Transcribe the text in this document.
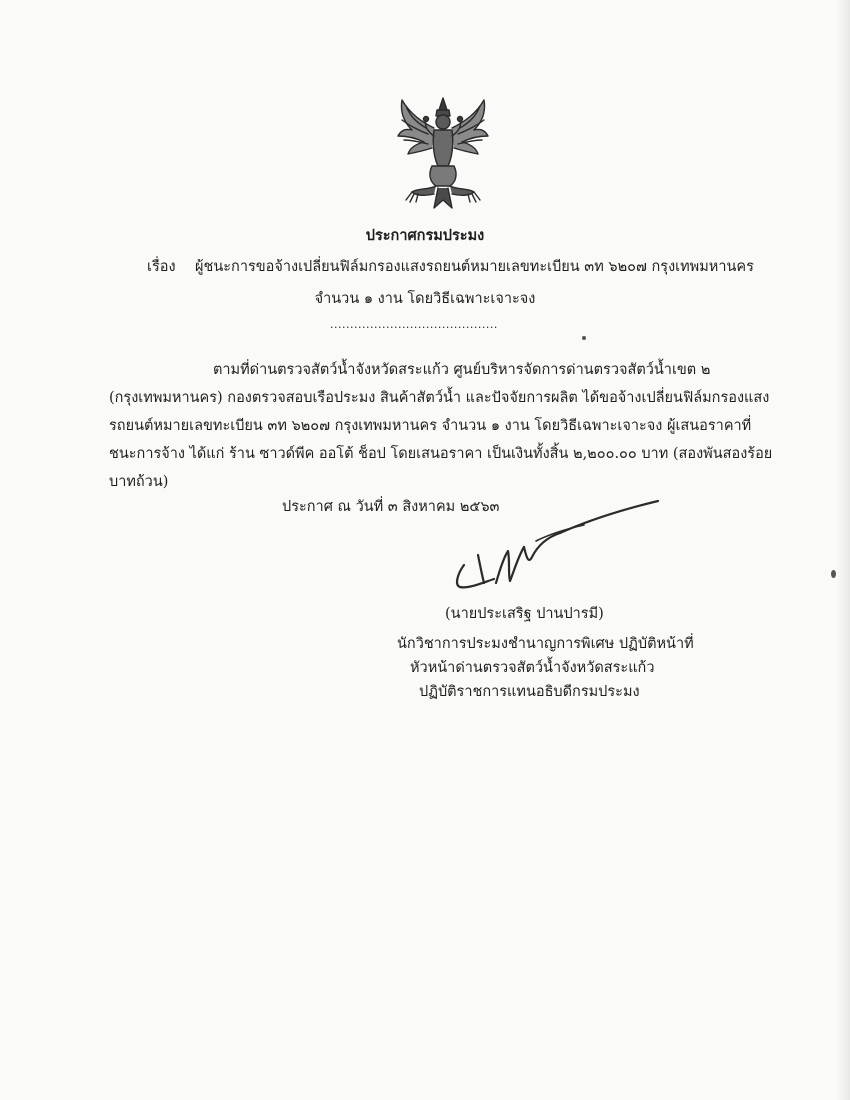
ประกาศกรมประมง
เรื่อง ผู้ชนะการขอจ้างเปลี่ยนฟิล์มกรองแสงรถยนต์หมายเลขทะเบียน ๓ท ๖๒๐๗ กรุงเทพมหานคร
จำนวน ๑ งาน โดยวิธีเฉพาะเจาะจง
..........................................
ตามที่ด่านตรวจสัตว์น้ำจังหวัดสระแก้ว ศูนย์บริหารจัดการด่านตรวจสัตว์น้ำเขต ๒
(กรุงเทพมหานคร) กองตรวจสอบเรือประมง สินค้าสัตว์น้ำ และปัจจัยการผลิต ได้ขอจ้างเปลี่ยนฟิล์มกรองแสง
รถยนต์หมายเลขทะเบียน ๓ท ๖๒๐๗ กรุงเทพมหานคร จำนวน ๑ งาน โดยวิธีเฉพาะเจาะจง ผู้เสนอราคาที่
ชนะการจ้าง ได้แก่ ร้าน ซาวด์พีค ออโต้ ช็อป โดยเสนอราคา เป็นเงินทั้งสิ้น ๒,๒๐๐.๐๐ บาท (สองพันสองร้อย
บาทถ้วน)
ประกาศ ณ วันที่ ๓ สิงหาคม ๒๕๖๓
(นายประเสริฐ ปานปารมี)
นักวิชาการประมงชำนาญการพิเศษ ปฏิบัติหน้าที่
หัวหน้าด่านตรวจสัตว์น้ำจังหวัดสระแก้ว
ปฏิบัติราชการแทนอธิบดีกรมประมง
